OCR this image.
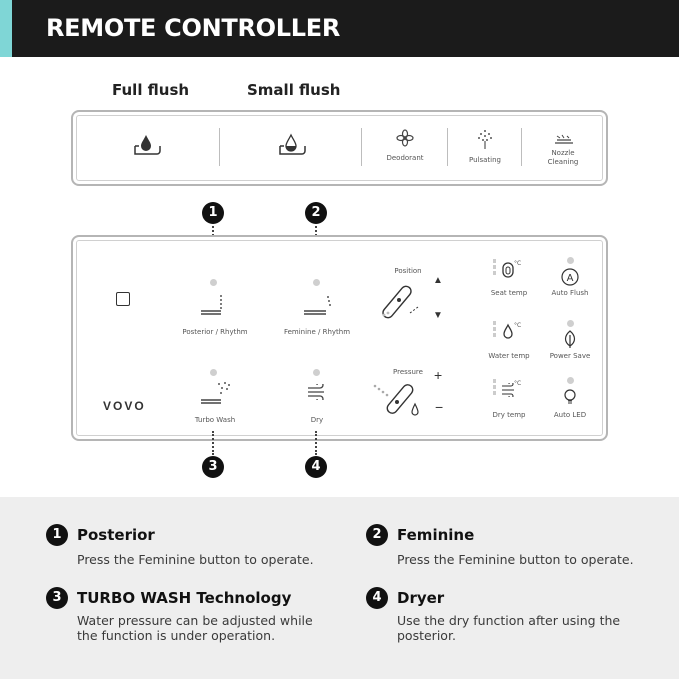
REMOTE CONTROLLER
Full flush	Small flush
Deodorant	Pulsating
Nozzle
Cleaning
1	2
VOVO
Posterior / Rhythm	Feminine / Rhythm
Turbo Wash	Dry
Position
▲
▼
Pressure +
−
°C
Seat temp
°C
Water temp
°C
Dry temp
A
Auto Flush
Power Save
Auto LED
3	4
1	Posterior
Press the Feminine button to operate.
2	Feminine
Press the Feminine button to operate.
3	TURBO WASH Technology
Water pressure can be adjusted while the function is under operation.
4	Dryer
Use the dry function after using the posterior.
